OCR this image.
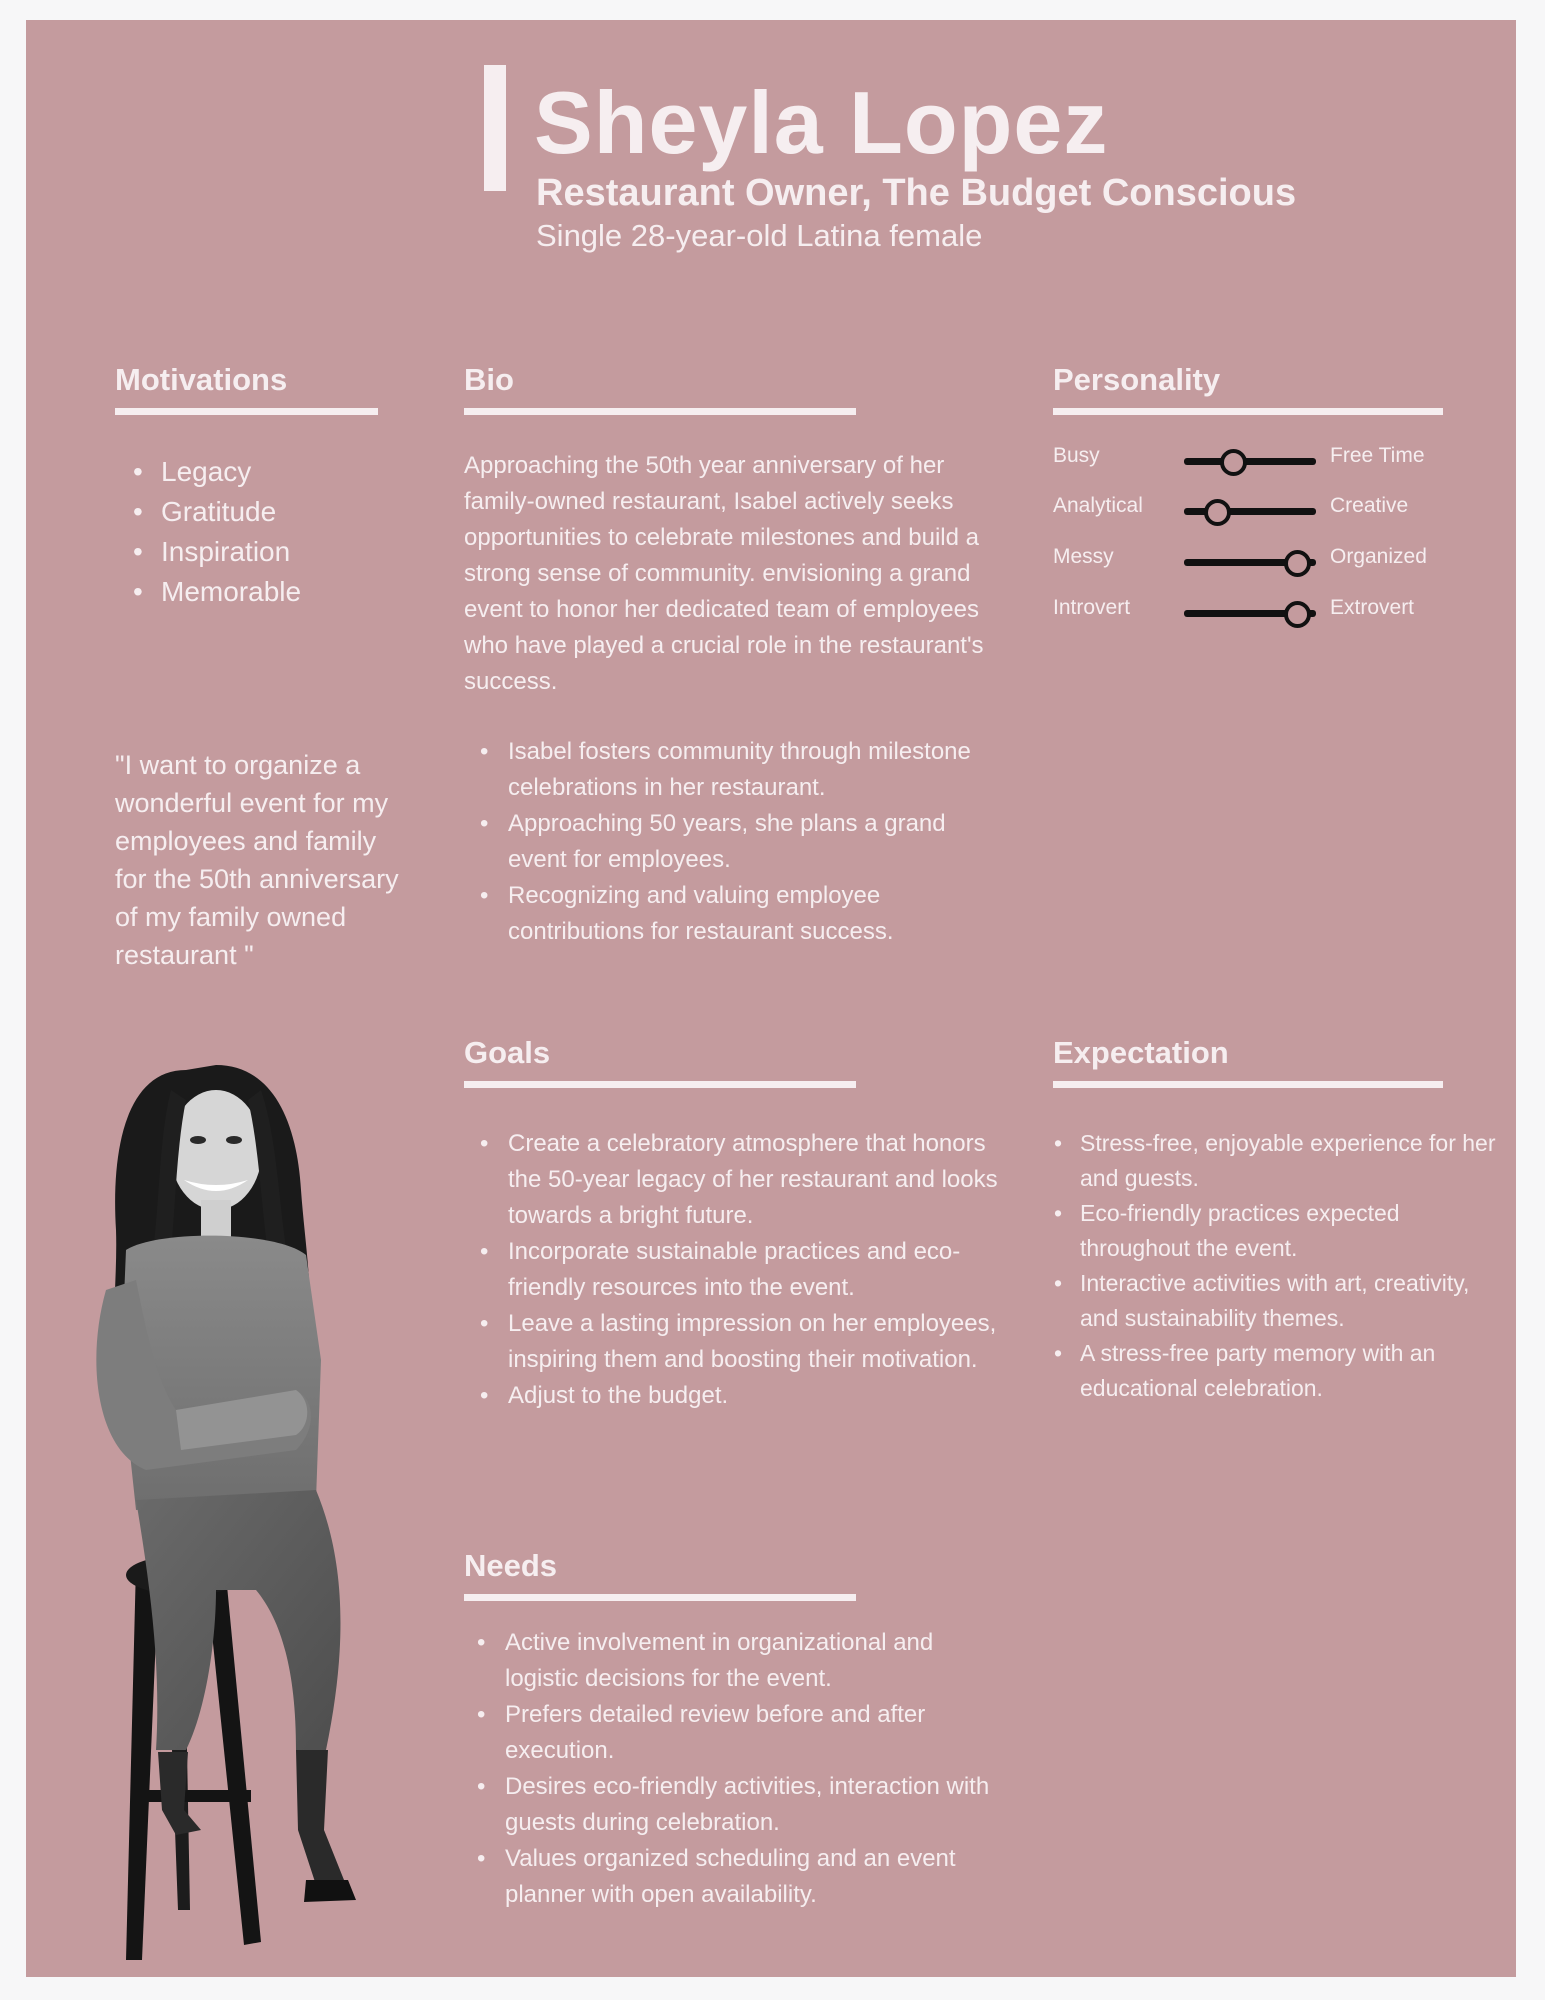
Sheyla Lopez
Restaurant Owner, The Budget Conscious
Single 28-year-old Latina female
Motivations
• Legacy
• Gratitude
• Inspiration
• Memorable
"I want to organize a wonderful event for my employees and family for the 50th anniversary of my family owned restaurant "
Bio

Approaching the 50th year anniversary of her family-owned restaurant, Isabel actively seeks opportunities to celebrate milestones and build a strong sense of community. envisioning a grand event to honor her dedicated team of employees who have played a crucial role in the restaurant's success.

• Isabel fosters community through milestone celebrations in her restaurant.
• Approaching 50 years, she plans a grand event for employees.
• Recognizing and valuing employee contributions for restaurant success.
Personality
Busy	Free Time
Analytical	Creative
Messy	Organized
Introvert	Extrovert
Goals
• Create a celebratory atmosphere that honors the 50-year legacy of her restaurant and looks towards a bright future.
• Incorporate sustainable practices and eco-friendly resources into the event.
• Leave a lasting impression on her employees, inspiring them and boosting their motivation.
• Adjust to the budget.
Expectation
• Stress-free, enjoyable experience for her and guests.
• Eco-friendly practices expected throughout the event.
• Interactive activities with art, creativity, and sustainability themes.
• A stress-free party memory with an educational celebration.
Needs
• Active involvement in organizational and logistic decisions for the event.
• Prefers detailed review before and after execution.
• Desires eco-friendly activities, interaction with guests during celebration.
• Values organized scheduling and an event planner with open availability.
